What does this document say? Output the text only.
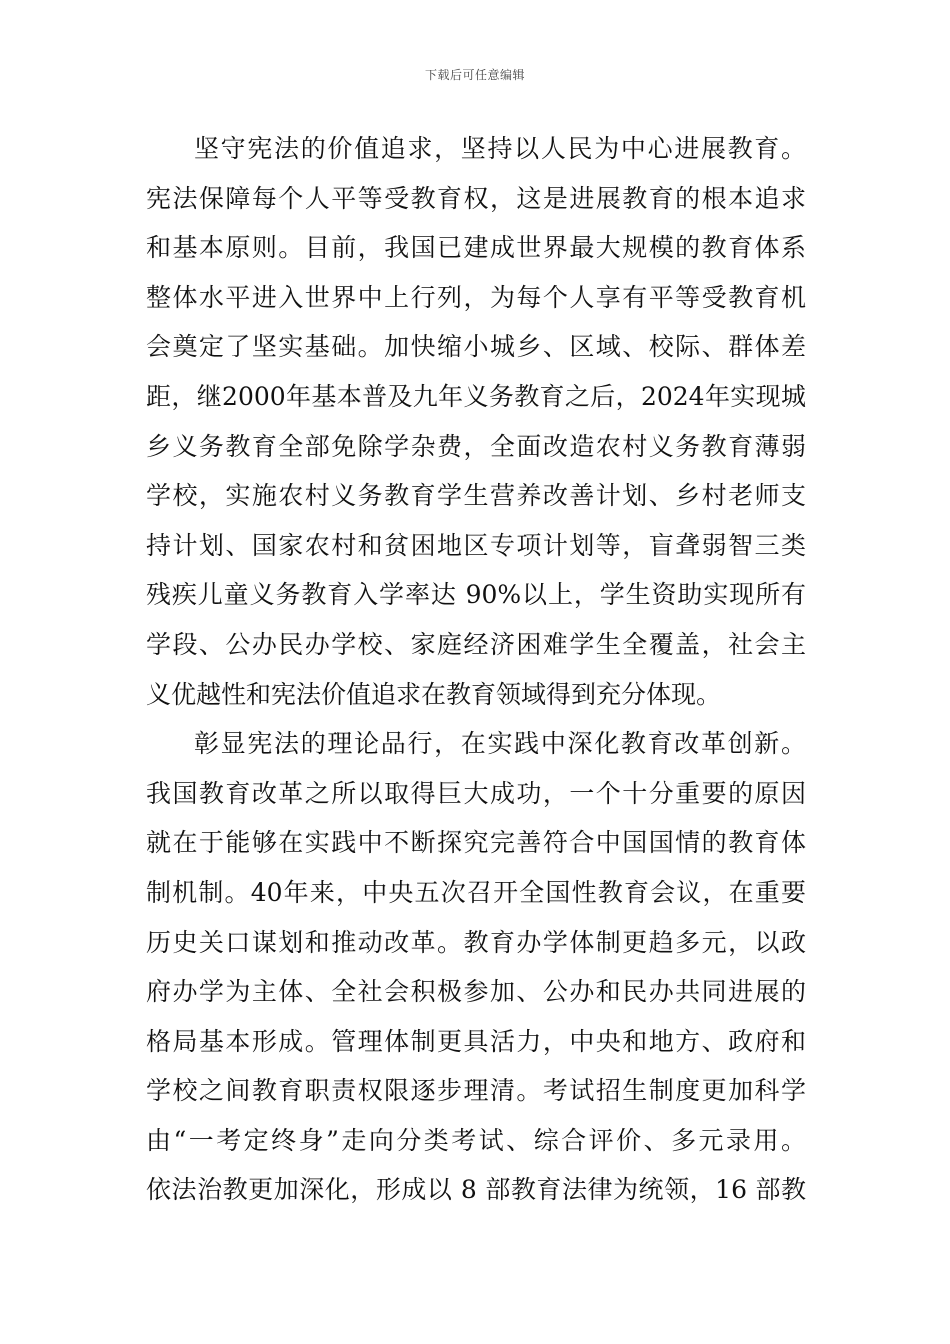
下载后可任意编辑
坚守宪法的价值追求，坚持以人民为中心进展教育。
宪法保障每个人平等受教育权，这是进展教育的根本追求
和基本原则。目前，我国已建成世界最大规模的教育体系
整体水平进入世界中上行列，为每个人享有平等受教育机
会奠定了坚实基础。加快缩小城乡、区域、校际、群体差
距，继2000年基本普及九年义务教育之后，2024年实现城
乡义务教育全部免除学杂费，全面改造农村义务教育薄弱
学校，实施农村义务教育学生营养改善计划、乡村老师支
持计划、国家农村和贫困地区专项计划等，盲聋弱智三类
残疾儿童义务教育入学率达 90%以上，学生资助实现所有
学段、公办民办学校、家庭经济困难学生全覆盖，社会主
义优越性和宪法价值追求在教育领域得到充分体现。
彰显宪法的理论品行，在实践中深化教育改革创新。
我国教育改革之所以取得巨大成功，一个十分重要的原因
就在于能够在实践中不断探究完善符合中国国情的教育体
制机制。40年来，中央五次召开全国性教育会议，在重要
历史关口谋划和推动改革。教育办学体制更趋多元，以政
府办学为主体、全社会积极参加、公办和民办共同进展的
格局基本形成。管理体制更具活力，中央和地方、政府和
学校之间教育职责权限逐步理清。考试招生制度更加科学
由“一考定终身”走向分类考试、综合评价、多元录用。
依法治教更加深化，形成以 8 部教育法律为统领，16 部教
